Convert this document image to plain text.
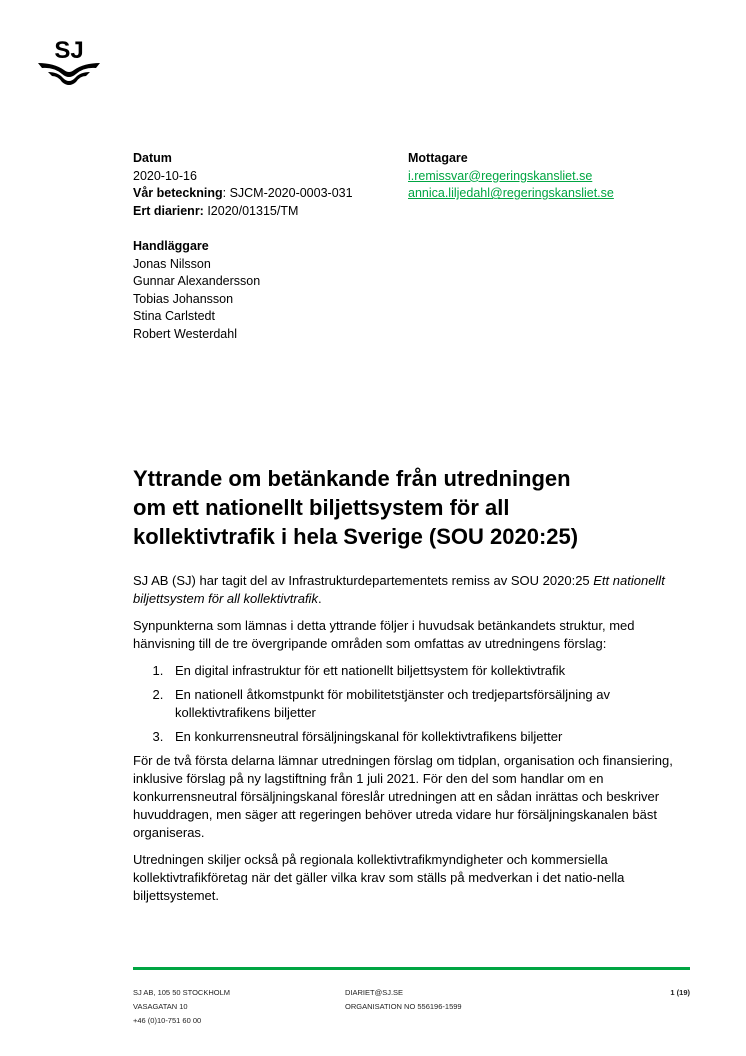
SJ
Datum
2020-10-16
Vår beteckning: SJCM-2020-0003-031
Ert diarienr: I2020/01315/TM
Mottagare
i.remissvar@regeringskansliet.se
annica.liljedahl@regeringskansliet.se
Handläggare
Jonas Nilsson
Gunnar Alexandersson
Tobias Johansson
Stina Carlstedt
Robert Westerdahl
Yttrande om betänkande från utredningen
om ett nationellt biljettsystem för all
kollektivtrafik i hela Sverige (SOU 2020:25)

SJ AB (SJ) har tagit del av Infrastrukturdepartementets remiss av SOU 2020:25 Ett nationellt biljettsystem för all kollektivtrafik.

Synpunkterna som lämnas i detta yttrande följer i huvudsak betänkandets struktur, med hänvisning till de tre övergripande områden som omfattas av utredningens förslag:

1. En digital infrastruktur för ett nationellt biljettsystem för kollektivtrafik
2. En nationell åtkomstpunkt för mobilitetstjänster och tredjepartsförsäljning av kollektivtrafikens biljetter
3. En konkurrensneutral försäljningskanal för kollektivtrafikens biljetter

För de två första delarna lämnar utredningen förslag om tidplan, organisation och finansiering, inklusive förslag på ny lagstiftning från 1 juli 2021. För den del som handlar om en konkurrensneutral försäljningskanal föreslår utredningen att en sådan inrättas och beskriver huvuddragen, men säger att regeringen behöver utreda vidare hur försäljningskanalen bäst organiseras.

Utredningen skiljer också på regionala kollektivtrafikmyndigheter och kommersiella kollektivtrafikföretag när det gäller vilka krav som ställs på medverkan i det natio-nella biljettsystemet.

SJ AB, 105 50 STOCKHOLM
VASAGATAN 10
+46 (0)10-751 60 00
DIARIET@SJ.SE
ORGANISATION NO 556196-1599
1 (19)
